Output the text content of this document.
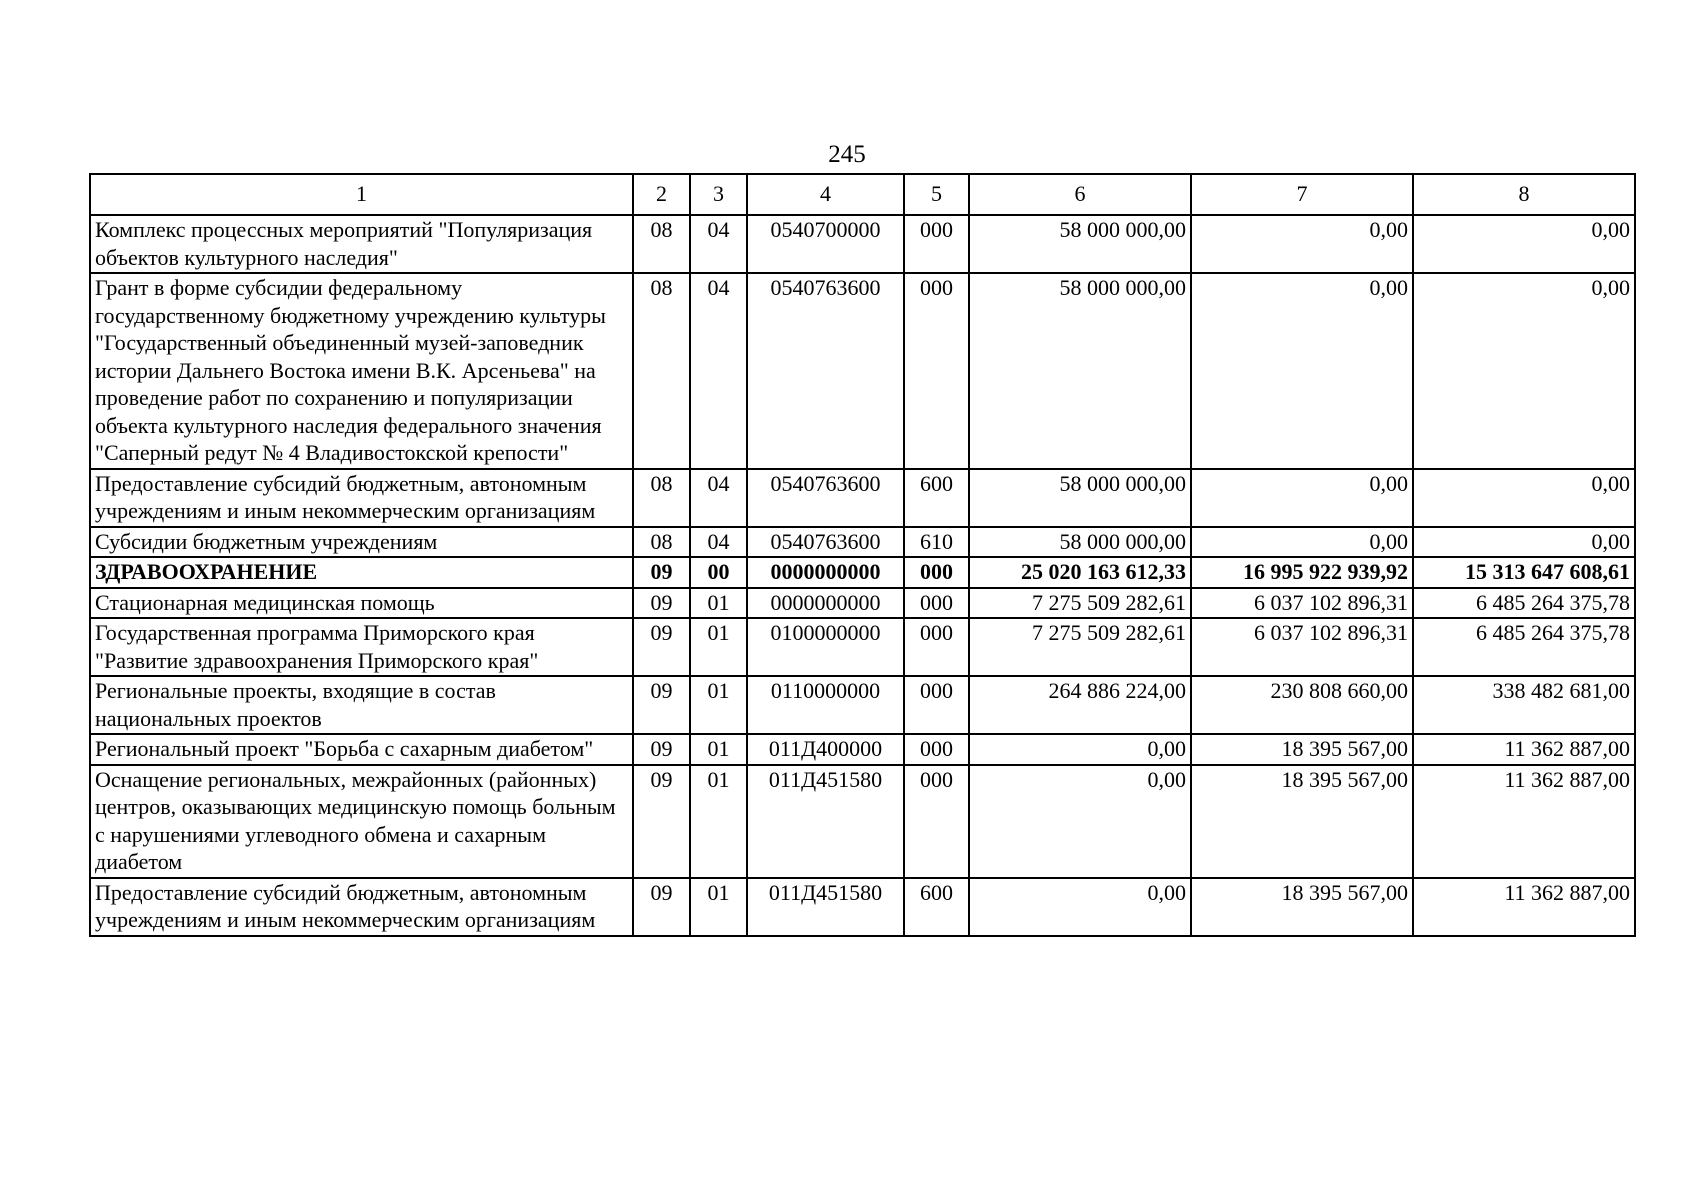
245
1	2	3	4	5	6	7	8
Комплекс процессных мероприятий "Популяризация объектов культурного наследия"	08	04	0540700000	000	58 000 000,00	0,00	0,00
Грант в форме субсидии федеральному государственному бюджетному учреждению культуры "Государственный объединенный музей-заповедник истории Дальнего Востока имени В.К. Арсеньева" на проведение работ по сохранению и популяризации объекта культурного наследия федерального значения "Саперный редут № 4 Владивостокской крепости"	08	04	0540763600	000	58 000 000,00	0,00	0,00
Предоставление субсидий бюджетным, автономным учреждениям и иным некоммерческим организациям	08	04	0540763600	600	58 000 000,00	0,00	0,00
Субсидии бюджетным учреждениям	08	04	0540763600	610	58 000 000,00	0,00	0,00
ЗДРАВООХРАНЕНИЕ	09	00	0000000000	000	25 020 163 612,33	16 995 922 939,92	15 313 647 608,61
Стационарная медицинская помощь	09	01	0000000000	000	7 275 509 282,61	6 037 102 896,31	6 485 264 375,78
Государственная программа Приморского края "Развитие здравоохранения Приморского края"	09	01	0100000000	000	7 275 509 282,61	6 037 102 896,31	6 485 264 375,78
Региональные проекты, входящие в состав национальных проектов	09	01	0110000000	000	264 886 224,00	230 808 660,00	338 482 681,00
Региональный проект "Борьба с сахарным диабетом"	09	01	011Д400000	000	0,00	18 395 567,00	11 362 887,00
Оснащение региональных, межрайонных (районных) центров, оказывающих медицинскую помощь больным с нарушениями углеводного обмена и сахарным диабетом	09	01	011Д451580	000	0,00	18 395 567,00	11 362 887,00
Предоставление субсидий бюджетным, автономным учреждениям и иным некоммерческим организациям	09	01	011Д451580	600	0,00	18 395 567,00	11 362 887,00
